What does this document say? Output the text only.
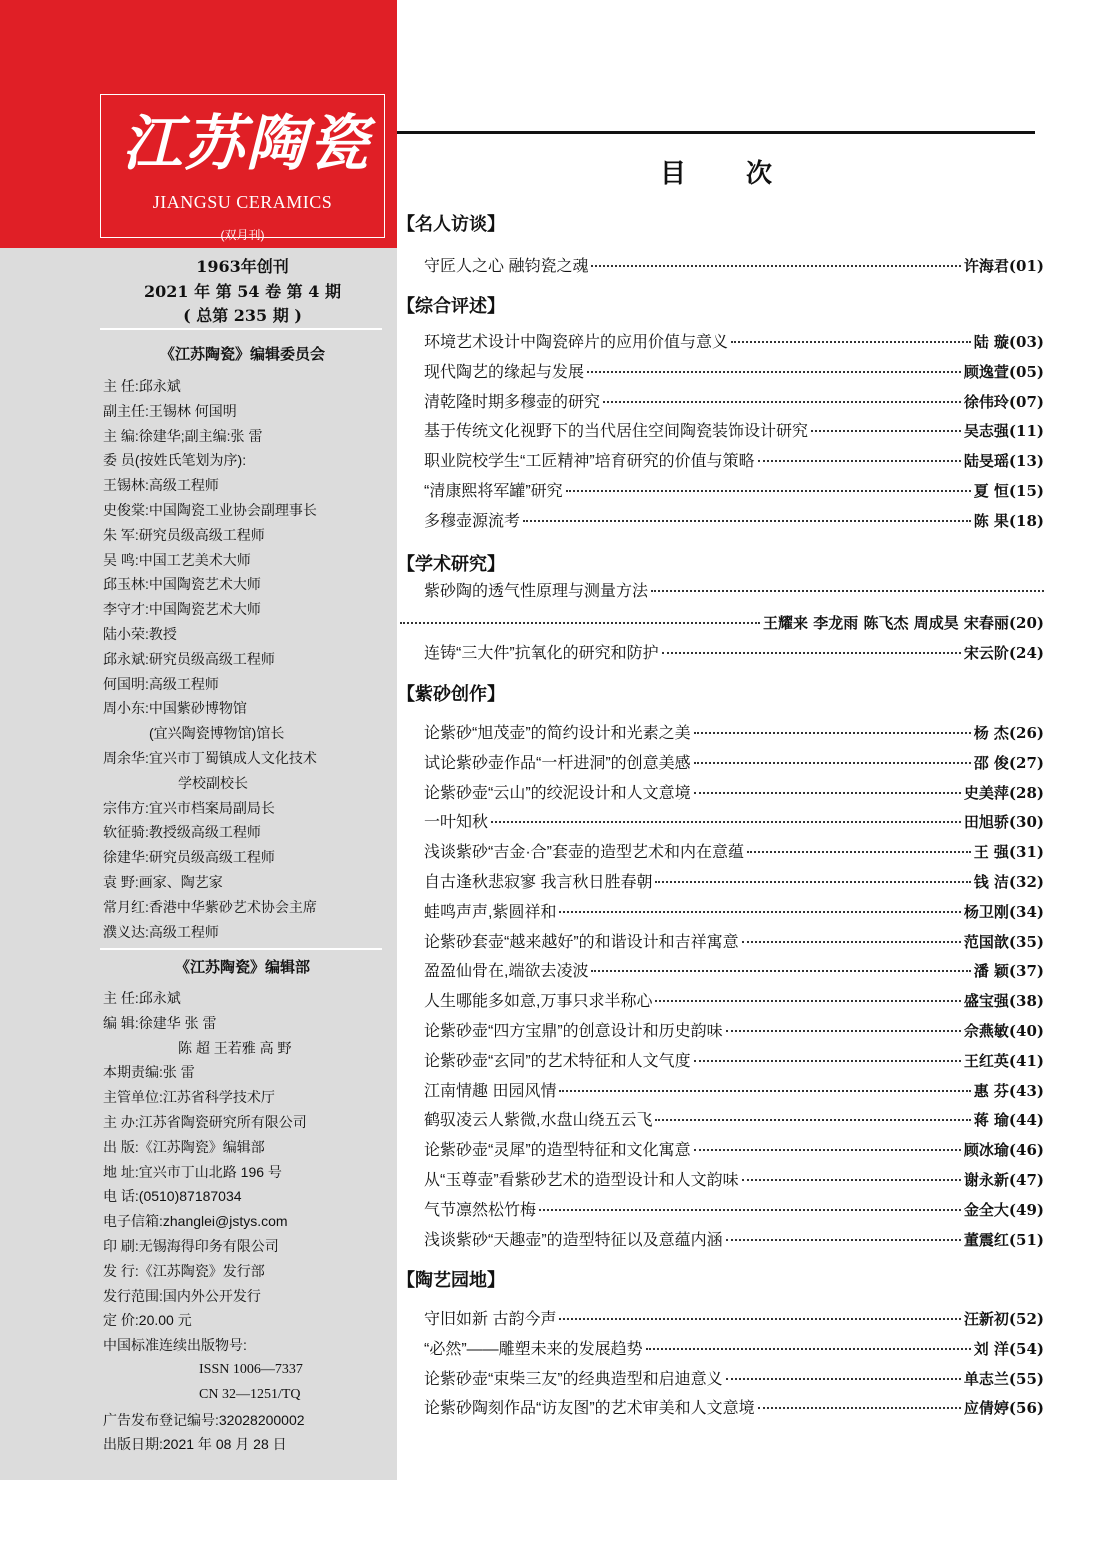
江苏陶瓷
JIANGSU CERAMICS
(双月刊)
1963年创刊
2021 年 第 54 卷 第 4 期
( 总第 235 期 )
《江苏陶瓷》编辑委员会
主 任:邱永斌
副主任:王锡林 何国明
主 编:徐建华;副主编:张 雷
委 员(按姓氏笔划为序):
王锡林:高级工程师
史俊棠:中国陶瓷工业协会副理事长
朱 军:研究员级高级工程师
吴 鸣:中国工艺美术大师
邱玉林:中国陶瓷艺术大师
李守才:中国陶瓷艺术大师
陆小荣:教授
邱永斌:研究员级高级工程师
何国明:高级工程师
周小东:中国紫砂博物馆
(宜兴陶瓷博物馆)馆长
周余华:宜兴市丁蜀镇成人文化技术
学校副校长
宗伟方:宜兴市档案局副局长
软征骑:教授级高级工程师
徐建华:研究员级高级工程师
袁 野:画家、陶艺家
常月红:香港中华紫砂艺术协会主席
濮义达:高级工程师
《江苏陶瓷》编辑部
主 任:邱永斌
编 辑:徐建华 张 雷
陈 超 王若雅 高 野
本期责编:张 雷
主管单位:江苏省科学技术厅
主 办:江苏省陶瓷研究所有限公司
出 版:《江苏陶瓷》编辑部
地 址:宜兴市丁山北路 196 号
电 话:(0510)87187034
电子信箱:zhanglei@jstys.com
印 刷:无锡海得印务有限公司
发 行:《江苏陶瓷》发行部
发行范围:国内外公开发行
定 价:20.00 元
中国标准连续出版物号:
ISSN 1006—7337
CN 32—1251/TQ
广告发布登记编号:32028200002
出版日期:2021 年 08 月 28 日
目次
【名人访谈】
守匠人之心 融钧瓷之魂	许海君 (01)
【综合评述】
环境艺术设计中陶瓷碎片的应用价值与意义	陆 璇 (03)
现代陶艺的缘起与发展	顾逸萱 (05)
清乾隆时期多穆壶的研究	徐伟玲 (07)
基于传统文化视野下的当代居住空间陶瓷装饰设计研究	吴志强 (11)
职业院校学生“工匠精神”培育研究的价值与策略	陆旻瑶 (13)
“清康熙将军罐”研究	夏 恒 (15)
多穆壶源流考	陈 果 (18)
【学术研究】
紫砂陶的透气性原理与测量方法
王耀来 李龙雨 陈飞杰 周成昊 宋春丽 (20)
连铸“三大件”抗氧化的研究和防护	宋云阶 (24)
【紫砂创作】
论紫砂“旭茂壶”的简约设计和光素之美	杨 杰 (26)
试论紫砂壶作品“一杆进洞”的创意美感	邵 俊 (27)
论紫砂壶“云山”的绞泥设计和人文意境	史美萍 (28)
一叶知秋	田旭骄 (30)
浅谈紫砂“吉金·合”套壶的造型艺术和内在意蕴	王 强 (31)
自古逢秋悲寂寥 我言秋日胜春朝	钱 洁 (32)
蛙鸣声声,紫圆祥和	杨卫刚 (34)
论紫砂套壶“越来越好”的和谐设计和吉祥寓意	范国歆 (35)
盈盈仙骨在,端欲去凌波	潘 颖 (37)
人生哪能多如意,万事只求半称心	盛宝强 (38)
论紫砂壶“四方宝鼎”的创意设计和历史韵味	佘燕敏 (40)
论紫砂壶“玄同”的艺术特征和人文气度	王红英 (41)
江南情趣 田园风情	惠 芬 (43)
鹤驭凌云人紫微,水盘山绕五云飞	蒋 瑜 (44)
论紫砂壶“灵犀”的造型特征和文化寓意	顾冰瑜 (46)
从“玉尊壶”看紫砂艺术的造型设计和人文韵味	谢永新 (47)
气节凛然松竹梅	金全大 (49)
浅谈紫砂“天趣壶”的造型特征以及意蕴内涵	董震红 (51)
【陶艺园地】
守旧如新 古韵今声	汪新初 (52)
“必然”——雕塑未来的发展趋势	刘 洋 (54)
论紫砂壶“束柴三友”的经典造型和启迪意义	单志兰 (55)
论紫砂陶刻作品“访友图”的艺术审美和人文意境	应倩婷 (56)
